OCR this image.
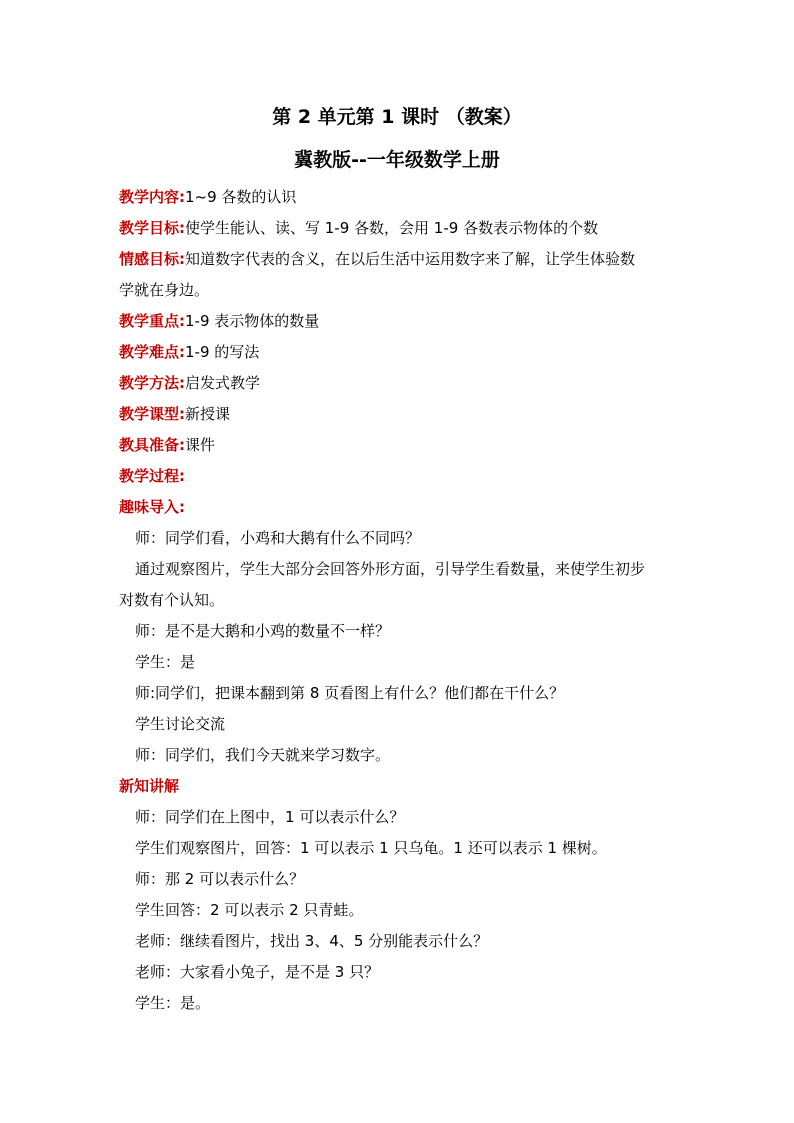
第 2 单元第 1 课时 （教案）
冀教版--一年级数学上册
教学内容:1~9 各数的认识
教学目标:使学生能认、读、写 1-9 各数，会用 1-9 各数表示物体的个数
情感目标:知道数字代表的含义，在以后生活中运用数字来了解，让学生体验数
学就在身边。
教学重点:1-9 表示物体的数量
教学难点:1-9 的写法
教学方法:启发式教学
教学课型:新授课
教具准备:课件
教学过程:
趣味导入:
师：同学们看，小鸡和大鹅有什么不同吗？
通过观察图片，学生大部分会回答外形方面，引导学生看数量，来使学生初步
对数有个认知。
师：是不是大鹅和小鸡的数量不一样？
学生：是
师:同学们，把课本翻到第 8 页看图上有什么？他们都在干什么？
学生讨论交流
师：同学们，我们今天就来学习数字。
新知讲解
师：同学们在上图中，1 可以表示什么？
学生们观察图片，回答：1 可以表示 1 只乌龟。1 还可以表示 1 棵树。
师：那 2 可以表示什么？
学生回答：2 可以表示 2 只青蛙。
老师：继续看图片，找出 3、4、5 分别能表示什么？
老师：大家看小兔子，是不是 3 只？
学生：是。
